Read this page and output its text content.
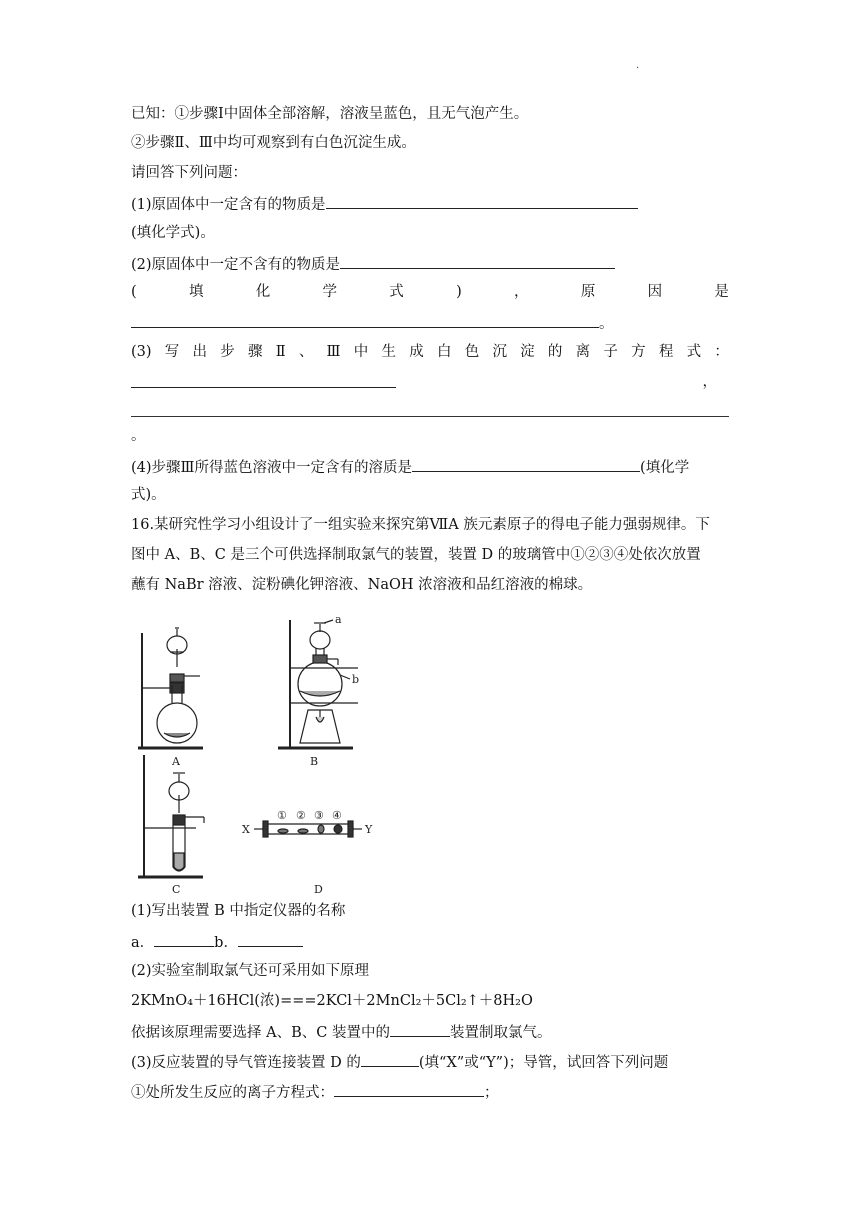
.
已知：①步骤Ⅰ中固体全部溶解，溶液呈蓝色，且无气泡产生。
②步骤Ⅱ、Ⅲ中均可观察到有白色沉淀生成。
请回答下列问题：
(1)原固体中一定含有的物质是
(填化学式)。
(2)原固体中一定不含有的物质是
(	填	化	学	式	)	，	原	因	是
。
(3) 写 出 步 骤 Ⅱ 、 Ⅲ 中 生 成 白 色 沉 淀 的 离 子 方 程 式 ：
，
。
(4)步骤Ⅲ所得蓝色溶液中一定含有的溶质是	(填化学
式)。
16.某研究性学习小组设计了一组实验来探究第ⅦA 族元素原子的得电子能力强弱规律。下
图中 A、B、C 是三个可供选择制取氯气的装置，装置 D 的玻璃管中①②③④处依次放置
蘸有 NaBr 溶液、淀粉碘化钾溶液、NaOH 浓溶液和品红溶液的棉球。
A	B
C	D
a
b
X	Y
① ② ③ ④
(1)写出装置 B 中指定仪器的名称
a．	b．
(2)实验室制取氯气还可采用如下原理
2KMnO₄＋16HCl(浓)===2KCl＋2MnCl₂＋5Cl₂↑＋8H₂O
依据该原理需要选择 A、B、C 装置中的	装置制取氯气。
(3)反应装置的导气管连接装置 D 的	(填“X”或“Y”)；导管，试回答下列问题
①处所发生反应的离子方程式：	；
